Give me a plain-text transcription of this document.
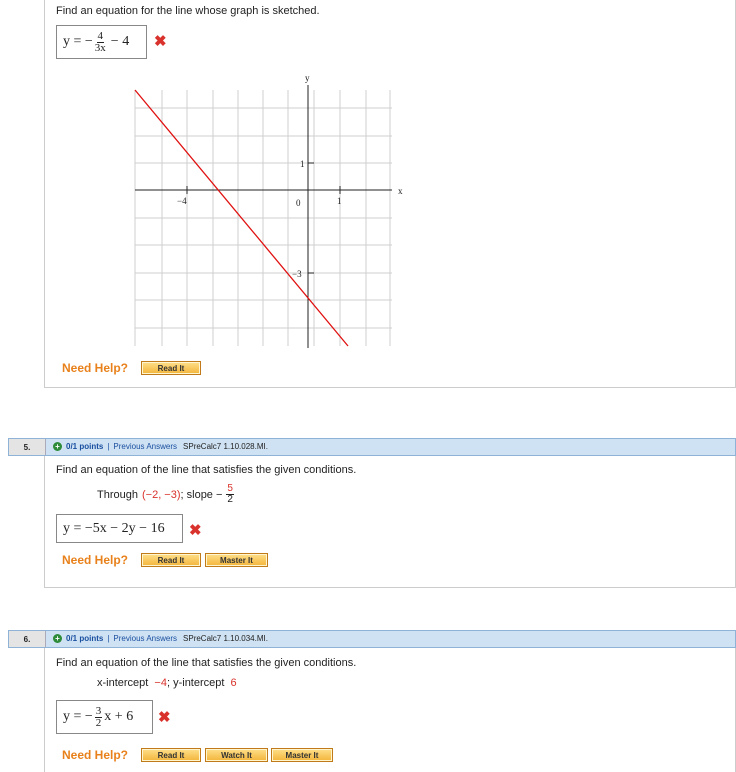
Find an equation for the line whose graph is sketched.
y = − $\frac{4}{3x} - 4$ ✖
y
x
−4	0	1
1
−3
Need Help?	Read It
5.	+ 0/1 points | Previous Answers SPreCalc7 1.10.028.MI.
Find an equation of the line that satisfies the given conditions.
Through (−2, −3) ; slope − $\frac{5}{2}$
y = −5x − 2y − 16 ✖
Need Help?	Read It	Master It
6.	+ 0/1 points | Previous Answers SPreCalc7 1.10.034.MI.
Find an equation of the line that satisfies the given conditions.
x-intercept −4; y-intercept 6
y = − $\frac{3}{2}$ x + 6 ✖
Need Help?	Read It	Watch It	Master It
